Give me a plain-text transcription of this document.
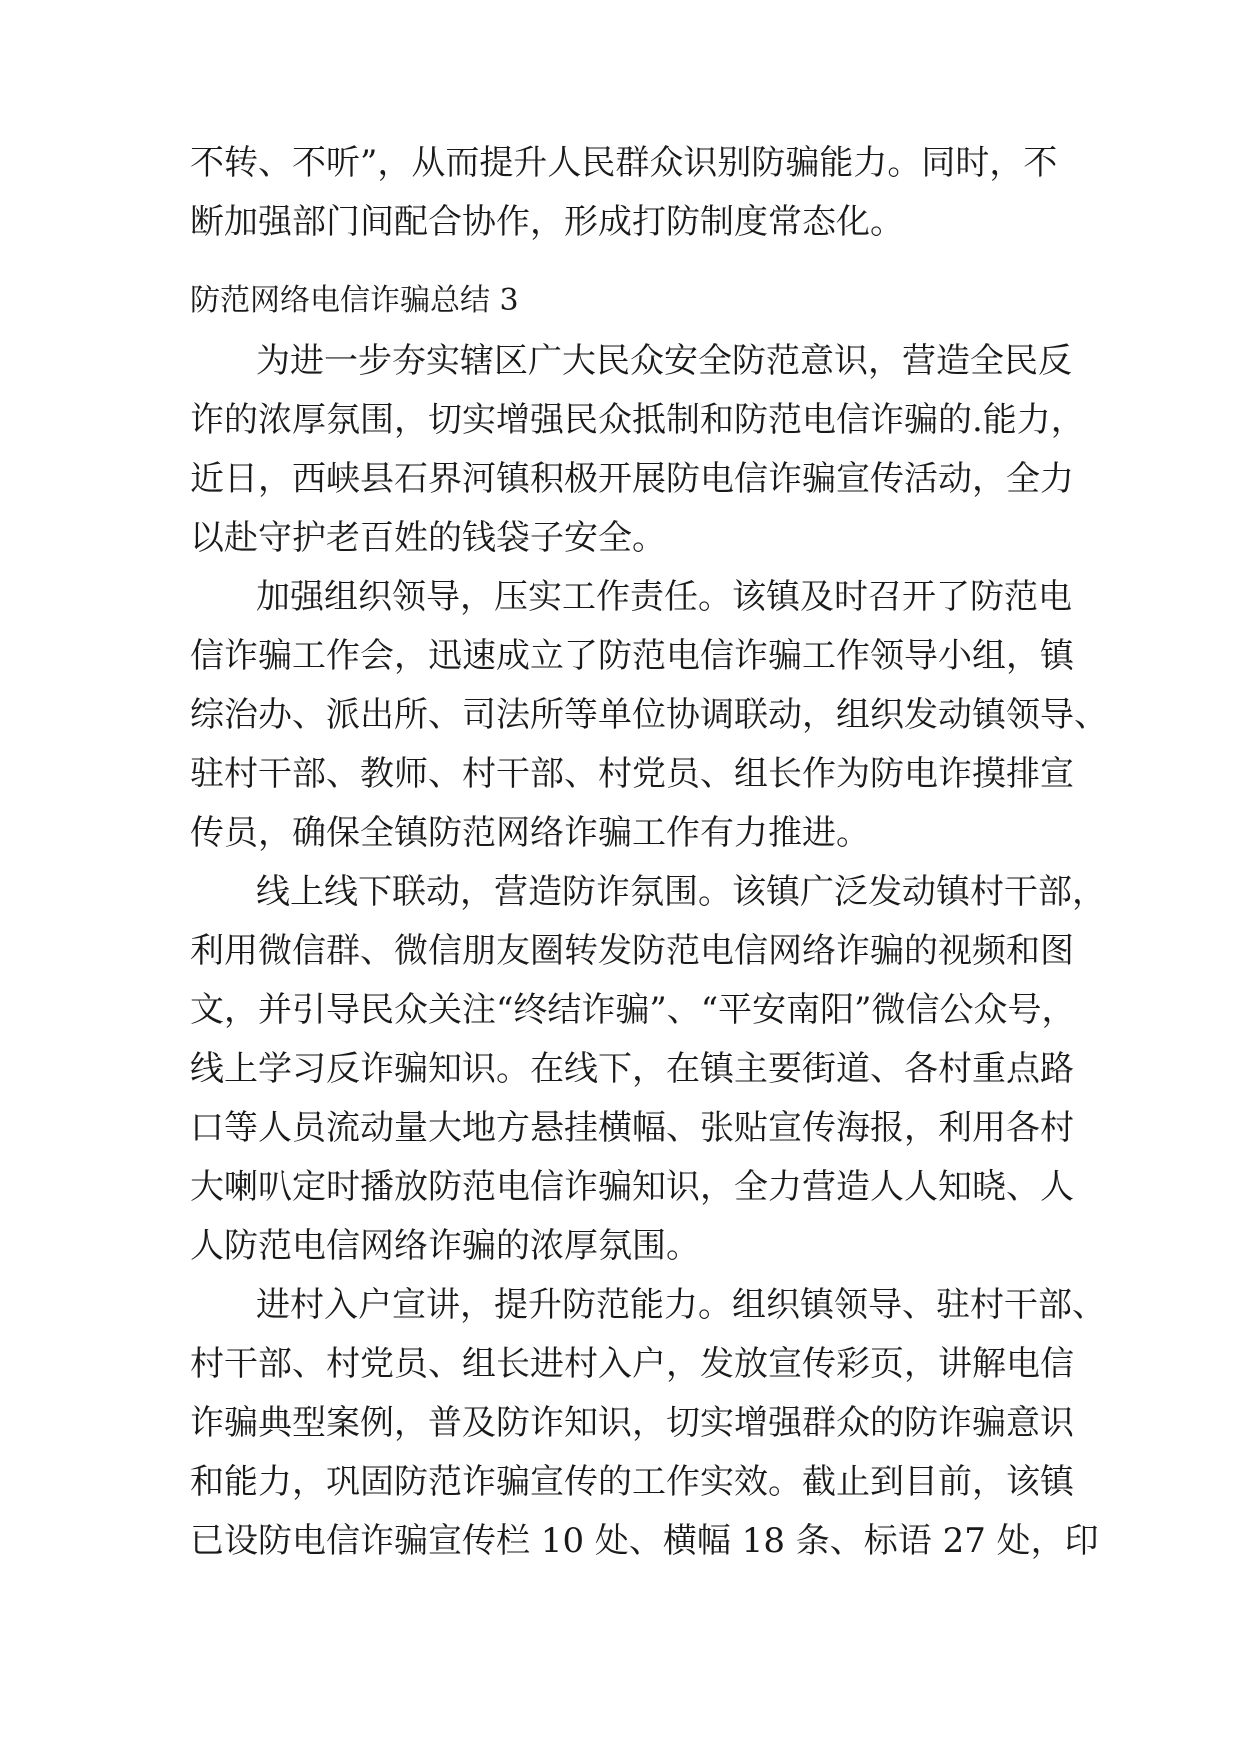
不转、不听”，从而提升人民群众识别防骗能力。同时，不

断加强部门间配合协作，形成打防制度常态化。

防范网络电信诈骗总结 3

为进一步夯实辖区广大民众安全防范意识，营造全民反

诈的浓厚氛围，切实增强民众抵制和防范电信诈骗的.能力，

近日，西峡县石界河镇积极开展防电信诈骗宣传活动，全力

以赴守护老百姓的钱袋子安全。

加强组织领导，压实工作责任。该镇及时召开了防范电

信诈骗工作会，迅速成立了防范电信诈骗工作领导小组，镇

综治办、派出所、司法所等单位协调联动，组织发动镇领导、

驻村干部、教师、村干部、村党员、组长作为防电诈摸排宣

传员，确保全镇防范网络诈骗工作有力推进。

线上线下联动，营造防诈氛围。该镇广泛发动镇村干部，

利用微信群、微信朋友圈转发防范电信网络诈骗的视频和图

文，并引导民众关注“终结诈骗”、“平安南阳”微信公众号，

线上学习反诈骗知识。在线下，在镇主要街道、各村重点路

口等人员流动量大地方悬挂横幅、张贴宣传海报，利用各村

大喇叭定时播放防范电信诈骗知识，全力营造人人知晓、人

人防范电信网络诈骗的浓厚氛围。

进村入户宣讲，提升防范能力。组织镇领导、驻村干部、

村干部、村党员、组长进村入户，发放宣传彩页，讲解电信

诈骗典型案例，普及防诈知识，切实增强群众的防诈骗意识

和能力，巩固防范诈骗宣传的工作实效。截止到目前，该镇

已设防电信诈骗宣传栏 10 处、横幅 18 条、标语 27 处，印
